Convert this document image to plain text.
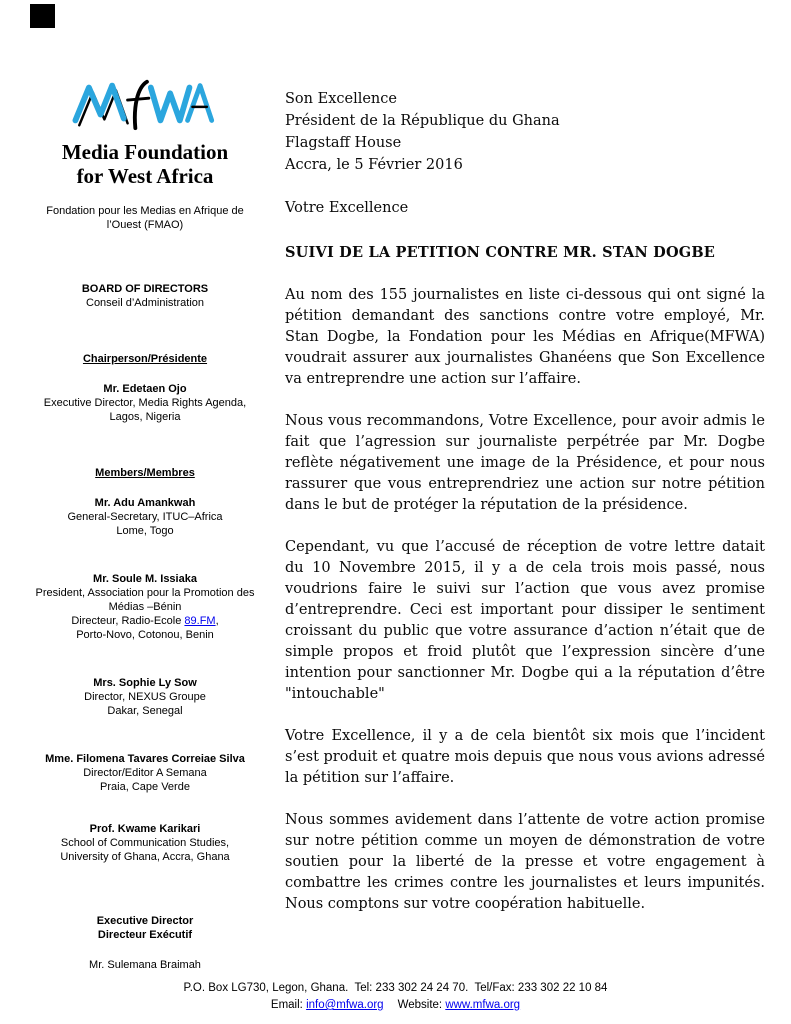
Media Foundation
for West Africa
Fondation pour les Medias en Afrique de l’Ouest (FMAO)
BOARD OF DIRECTORS
Conseil d’Administration
Chairperson/Présidente
Mr. Edetaen Ojo
Executive Director, Media Rights Agenda,
Lagos, Nigeria
Members/Membres
Mr. Adu Amankwah
General-Secretary, ITUC–Africa
Lome, Togo
Mr. Soule M. Issiaka
President, Association pour la Promotion des Médias –Bénin
Directeur, Radio-Ecole 89.FM,
Porto-Novo, Cotonou, Benin
Mrs. Sophie Ly Sow
Director, NEXUS Groupe
Dakar, Senegal
Mme. Filomena Tavares Correiae Silva
Director/Editor A Semana
Praia, Cape Verde
Prof. Kwame Karikari
School of Communication Studies,
University of Ghana, Accra, Ghana
Executive Director
Directeur Exécutif
Mr. Sulemana Braimah
Son Excellence
Président de la République du Ghana
Flagstaff House
Accra, le 5 Février 2016

Votre Excellence

SUIVI DE LA PETITION CONTRE MR. STAN DOGBE

Au nom des 155 journalistes en liste ci-dessous qui ont signé la pétition demandant des sanctions contre votre employé, Mr. Stan Dogbe, la Fondation pour les Médias en Afrique(MFWA) voudrait assurer aux journalistes Ghanéens que Son Excellence va entreprendre une action sur l’affaire.

Nous vous recommandons, Votre Excellence, pour avoir admis le fait que l’agression sur journaliste perpétrée par Mr. Dogbe reflète négativement une image de la Présidence, et pour nous rassurer que vous entreprendriez une action sur notre pétition dans le but de protéger la réputation de la présidence.

Cependant, vu que l’accusé de réception de votre lettre datait du 10 Novembre 2015, il y a de cela trois mois passé, nous voudrions faire le suivi sur l’action que vous avez promise d’entreprendre. Ceci est important pour dissiper le sentiment croissant du public que votre assurance d’action n’était que de simple propos et froid plutôt que l’expression sincère d’une intention pour sanctionner Mr. Dogbe qui a la réputation d’être "intouchable"

Votre Excellence, il y a de cela bientôt six mois que l’incident s’est produit et quatre mois depuis que nous vous avions adressé la pétition sur l’affaire.

Nous sommes avidement dans l’attente de votre action promise sur notre pétition comme un moyen de démonstration de votre soutien pour la liberté de la presse et votre engagement à combattre les crimes contre les journalistes et leurs impunités. Nous comptons sur votre coopération habituelle.

P.O. Box LG730, Legon, Ghana.  Tel: 233 302 24 24 70.  Tel/Fax: 233 302 22 10 84
Email: info@mfwa.org Website: www.mfwa.org
